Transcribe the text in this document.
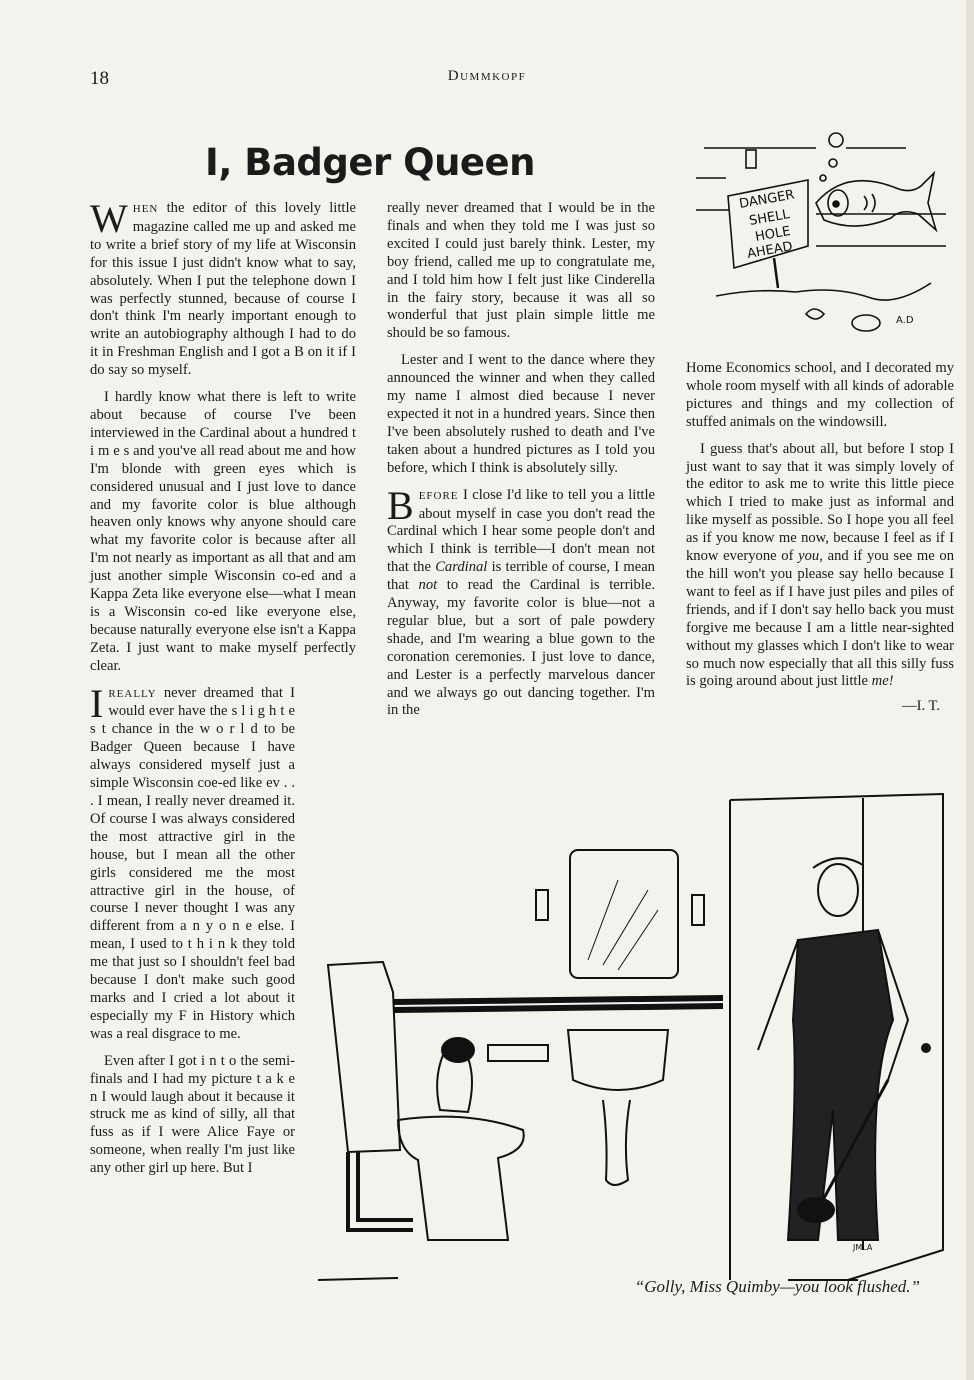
18	Dummkopf
I, Badger Queen

WHEN the editor of this lovely little magazine called me up and asked me to write a brief story of my life at Wisconsin for this issue I just didn't know what to say, absolutely. When I put the telephone down I was perfectly stunned, because of course I don't think I'm nearly important enough to write an autobiography although I had to do it in Freshman English and I got a B on it if I do say so myself.

I hardly know what there is left to write about because of course I've been interviewed in the Cardinal about a hundred t i m e s and you've all read about me and how I'm blonde with green eyes which is considered unusual and I just love to dance and my favorite color is blue although heaven only knows why anyone should care what my favorite color is because after all I'm not nearly as important as all that and am just another simple Wisconsin co-ed and a Kappa Zeta like everyone else—what I mean is a Wisconsin co-ed like everyone else, because naturally everyone else isn't a Kappa Zeta. I just want to make myself perfectly clear.

IREALLY never dreamed that I would ever have the s l i g h t e s t chance in the w o r l d to be Badger Queen because I have always considered myself just a simple Wisconsin coe-ed like ev . . . I mean, I really never dreamed it. Of course I was always considered the most attractive girl in the house, but I mean all the other girls considered me the most attractive girl in the house, of course I never thought I was any different from a n y o n e else. I mean, I used to t h i n k they told me that just so I shouldn't feel bad because I don't make such good marks and I cried a lot about it especially my F in History which was a real disgrace to me.

Even after I got i n t o the semi-finals and I had my picture t a k e n I would laugh about it because it struck me as kind of silly, all that fuss as if I were Alice Faye or someone, when really I'm just like any other girl up here. But I

really never dreamed that I would be in the finals and when they told me I was just so excited I could just barely think. Lester, my boy friend, called me up to congratulate me, and I told him how I felt just like Cinderella in the fairy story, because it was all so wonderful that just plain simple little me should be so famous.

Lester and I went to the dance where they announced the winner and when they called my name I almost died because I never expected it not in a hundred years. Since then I've been absolutely rushed to death and I've taken about a hundred pictures as I told you before, which I think is absolutely silly.

BEFORE I close I'd like to tell you a little about myself in case you don't read the Cardinal which I hear some people don't and which I think is terrible—I don't mean not that the Cardinal is terrible of course, I mean that not to read the Cardinal is terrible. Anyway, my favorite color is blue—not a regular blue, but a sort of pale powdery shade, and I'm wearing a blue gown to the coronation ceremonies. I just love to dance, and Lester is a perfectly marvelous dancer and we always go out dancing together. I'm in the

Home Economics school, and I decorated my whole room myself with all kinds of adorable pictures and things and my collection of stuffed animals on the windowsill.

I guess that's about all, but before I stop I just want to say that it was simply lovely of the editor to ask me to write this little piece which I tried to make just as informal and like myself as possible. So I hope you all feel as if you know me now, because I feel as if I know everyone of you, and if you see me on the hill won't you please say hello because I want to feel as if I have just piles and piles of friends, and if I don't say hello back you must forgive me because I am a little near-sighted without my glasses which I don't like to wear so much now especially that all this silly fuss is going around about just little me!

—I. T.
DANGER
SHELL
HOLE
AHEAD
A.D
JMLA
“Golly, Miss Quimby—you look flushed.”
